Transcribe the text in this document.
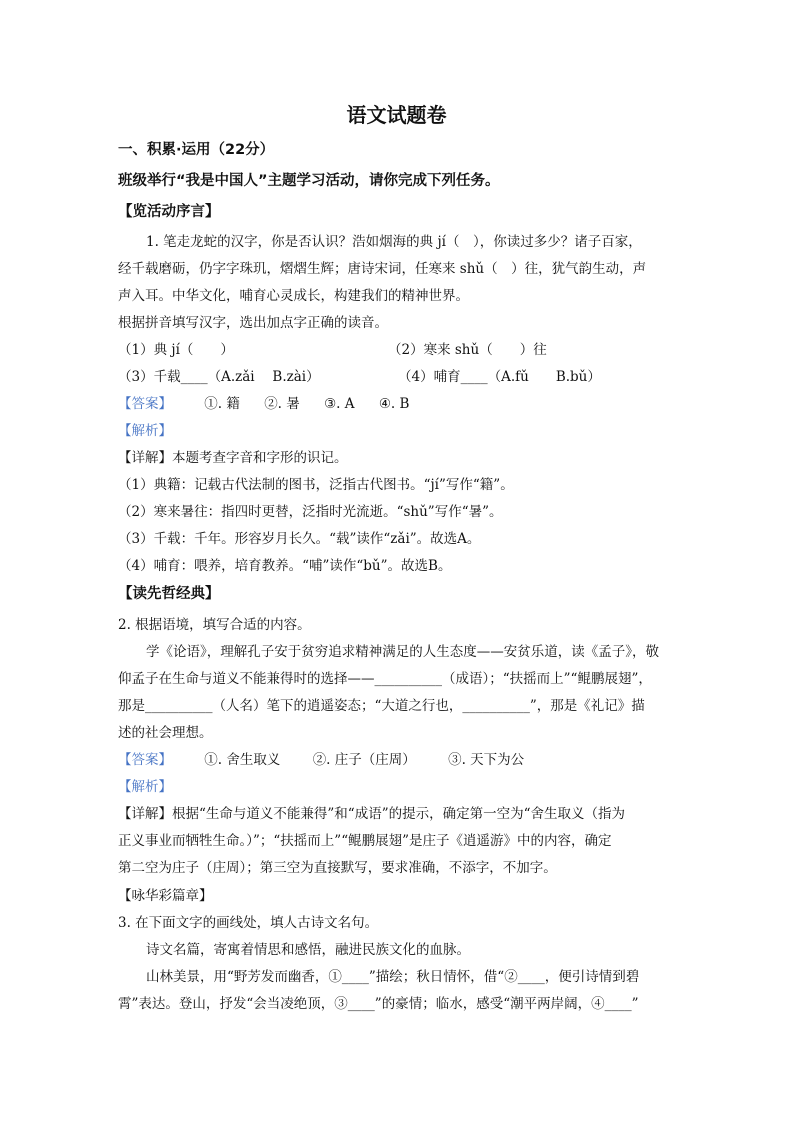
语文试题卷
一、积累·运用（22分）
班级举行“我是中国人”主题学习活动，请你完成下列任务。
【览活动序言】
1. 笔走龙蛇的汉字，你是否认识？浩如烟海的典 jí（　），你读过多少？诸子百家，
经千载磨砺，仍字字珠玑，熠熠生辉；唐诗宋词，任寒来 shǔ（　）往，犹气韵生动，声
声入耳。中华文化，哺育心灵成长，构建我们的精神世界。
根据拼音填写汉字，选出加点字正确的读音。
（1）典 jí（　　）	（2）寒来 shǔ（　　）往
（3）千载____（A.zǎi　 B.zài）	（4）哺育____（A.fǔ　　B.bǔ）
【答案】 ①. 籍 ②. 暑 ③. A ④. B
【解析】
【详解】本题考查字音和字形的识记。
（1）典籍：记载古代法制的图书，泛指古代图书。“jí”写作“籍”。
（2）寒来暑往：指四时更替，泛指时光流逝。“shǔ”写作“暑”。
（3）千载：千年。形容岁月长久。“载”读作“zǎi”。故选A。
（4）哺育：喂养，培育教养。“哺”读作“bǔ”。故选B。
【读先哲经典】
2. 根据语境，填写合适的内容。
学《论语》，理解孔子安于贫穷追求精神满足的人生态度——安贫乐道，读《孟子》，敬
仰孟子在生命与道义不能兼得时的选择——__________（成语）；“扶摇而上”“鲲鹏展翅”，
那是__________（人名）笔下的逍遥姿态；“大道之行也，__________”，那是《礼记》描
述的社会理想。
【答案】 ①. 舍生取义 ②. 庄子（庄周） ③. 天下为公
【解析】
【详解】根据“生命与道义不能兼得”和“成语”的提示，确定第一空为“舍生取义（指为
正义事业而牺牲生命。）”；“扶摇而上”“鲲鹏展翅”是庄子《逍遥游》中的内容，确定
第二空为庄子（庄周）；第三空为直接默写，要求准确，不添字，不加字。
【咏华彩篇章】
3. 在下面文字的画线处，填人古诗文名句。
诗文名篇，寄寓着情思和感悟，融进民族文化的血脉。
山林美景，用“野芳发而幽香，①____”描绘；秋日情怀，借“②____，便引诗情到碧
霄”表达。登山，抒发“会当凌绝顶，③____”的豪情；临水，感受“潮平两岸阔，④____”
